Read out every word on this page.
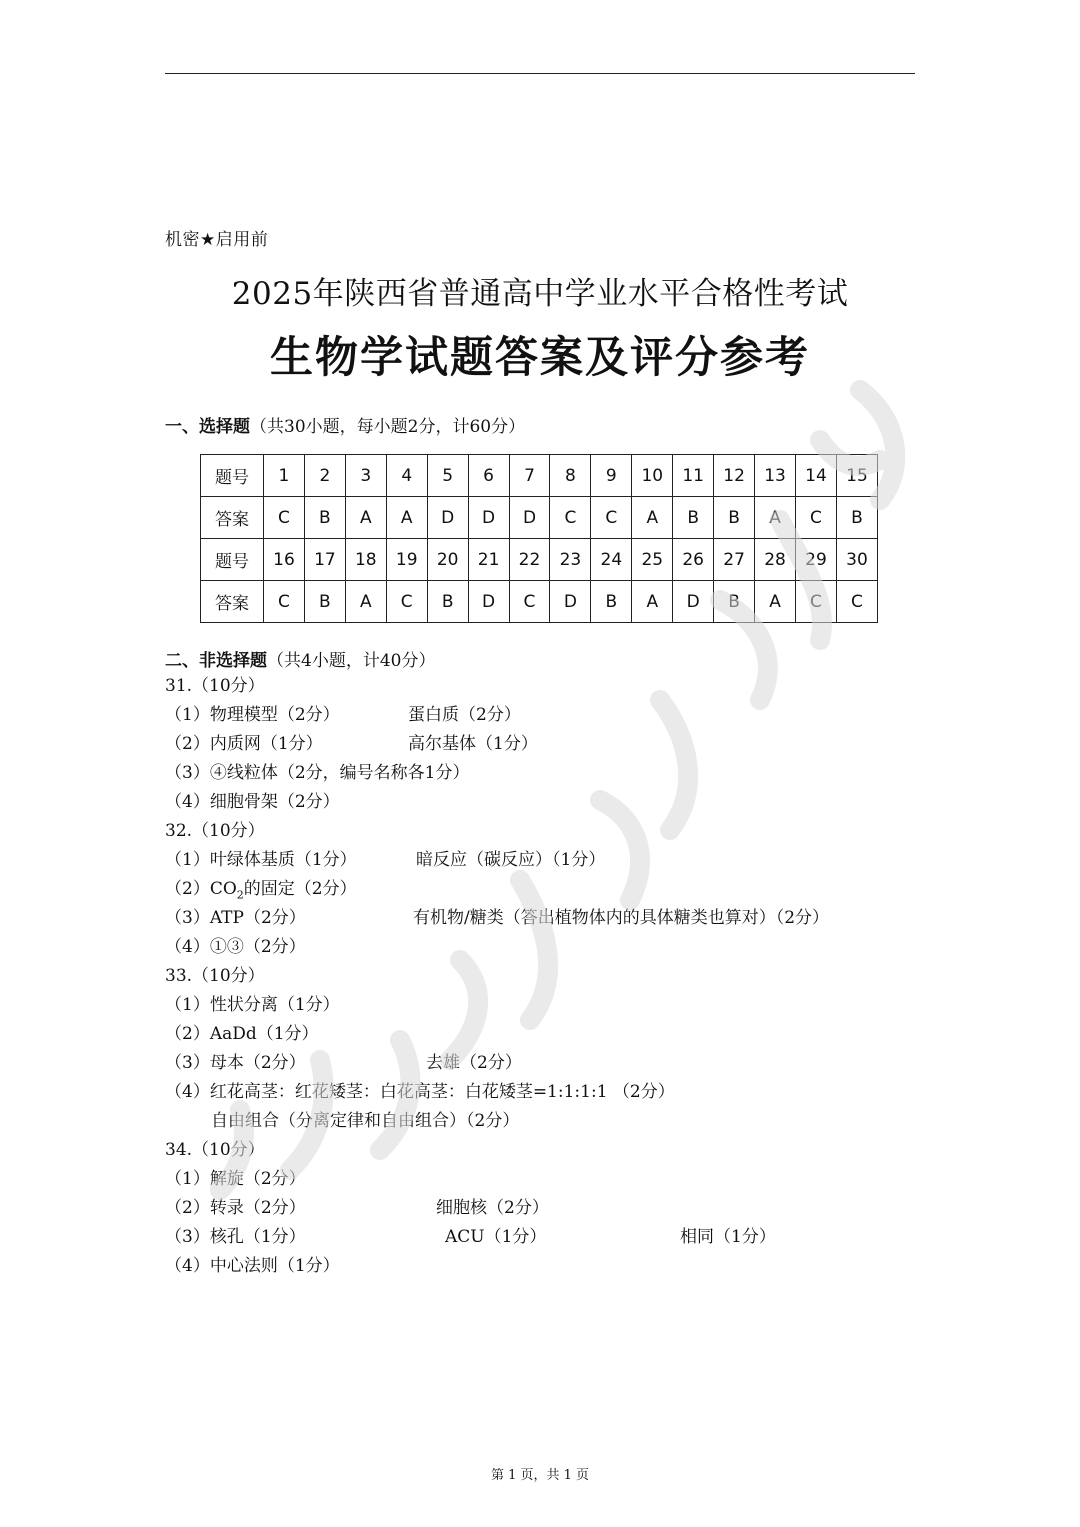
机密★启用前
2025年陕西省普通高中学业水平合格性考试
生物学试题答案及评分参考
一、选择题（共30小题，每小题2分，计60分）
题号	1	2	3	4	5	6	7	8	9	10	11	12	13	14	15
答案	C	B	A	A	D	D	D	C	C	A	B	B	A	C	B
题号	16	17	18	19	20	21	22	23	24	25	26	27	28	29	30
答案	C	B	A	C	B	D	C	D	B	A	D	B	A	C	C
二、非选择题（共4小题，计40分）
31.（10分）
（1）物理模型（2分）	蛋白质（2分）
（2）内质网（1分）	高尔基体（1分）
（3）④线粒体（2分，编号名称各1分）
（4）细胞骨架（2分）
32.（10分）
（1）叶绿体基质（1分）	暗反应（碳反应）（1分）
$(2)CO_2$的固定（2分）
（3）ATP（2分）	有机物/糖类（答出植物体内的具体糖类也算对）（2分）
（4）①③（2分）
33.（10分）
（1）性状分离（1分）
（2）AaDd（1分）
（3）母本（2分）	去雄（2分）
（4）红花高茎：红花矮茎：白花高茎：白花矮茎=1:1:1:1 （2分）
自由组合（分离定律和自由组合）（2分）
34.（10分）
（1）解旋（2分）
（2）转录（2分）	细胞核（2分）
（3）核孔（1分）	ACU（1分）	相同（1分）
（4）中心法则（1分）
第 1 页，共 1 页
